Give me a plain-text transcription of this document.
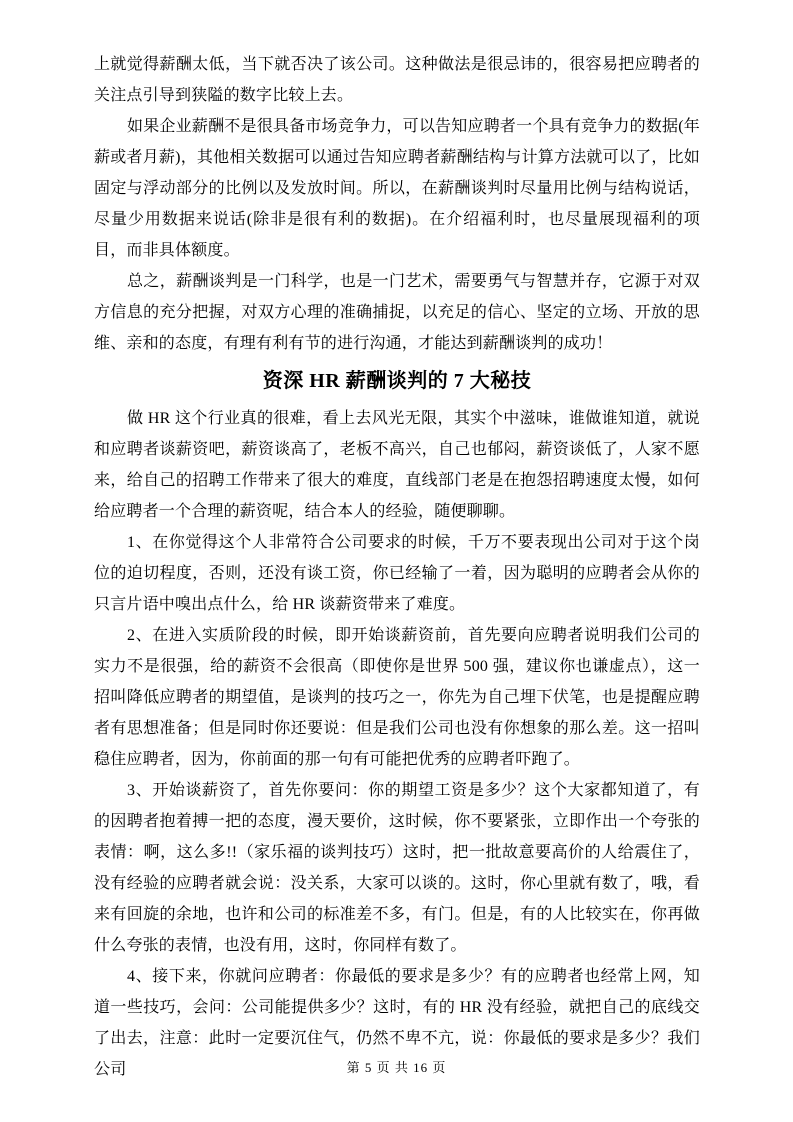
上就觉得薪酬太低，当下就否决了该公司。这种做法是很忌讳的，很容易把应聘者的关注点引导到狭隘的数字比较上去。

如果企业薪酬不是很具备市场竞争力，可以告知应聘者一个具有竞争力的数据(年薪或者月薪)，其他相关数据可以通过告知应聘者薪酬结构与计算方法就可以了，比如固定与浮动部分的比例以及发放时间。所以，在薪酬谈判时尽量用比例与结构说话，尽量少用数据来说话(除非是很有利的数据)。在介绍福利时，也尽量展现福利的项目，而非具体额度。

总之，薪酬谈判是一门科学，也是一门艺术，需要勇气与智慧并存，它源于对双方信息的充分把握，对双方心理的准确捕捉，以充足的信心、坚定的立场、开放的思维、亲和的态度，有理有利有节的进行沟通，才能达到薪酬谈判的成功！

资深 HR 薪酬谈判的 7 大秘技

做 HR 这个行业真的很难，看上去风光无限，其实个中滋味，谁做谁知道，就说和应聘者谈薪资吧，薪资谈高了，老板不高兴，自己也郁闷，薪资谈低了，人家不愿来，给自己的招聘工作带来了很大的难度，直线部门老是在抱怨招聘速度太慢，如何给应聘者一个合理的薪资呢，结合本人的经验，随便聊聊。

1、在你觉得这个人非常符合公司要求的时候，千万不要表现出公司对于这个岗位的迫切程度，否则，还没有谈工资，你已经输了一着，因为聪明的应聘者会从你的只言片语中嗅出点什么，给 HR 谈薪资带来了难度。

2、在进入实质阶段的时候，即开始谈薪资前，首先要向应聘者说明我们公司的实力不是很强，给的薪资不会很高（即使你是世界 500 强，建议你也谦虚点），这一招叫降低应聘者的期望值，是谈判的技巧之一，你先为自己埋下伏笔，也是提醒应聘者有思想准备；但是同时你还要说：但是我们公司也没有你想象的那么差。这一招叫稳住应聘者，因为，你前面的那一句有可能把优秀的应聘者吓跑了。

3、开始谈薪资了，首先你要问：你的期望工资是多少？这个大家都知道了，有的因聘者抱着搏一把的态度，漫天要价，这时候，你不要紧张，立即作出一个夸张的表情：啊，这么多!!（家乐福的谈判技巧）这时，把一批故意要高价的人给震住了，没有经验的应聘者就会说：没关系，大家可以谈的。这时，你心里就有数了，哦，看来有回旋的余地，也许和公司的标准差不多，有门。但是，有的人比较实在，你再做什么夸张的表情，也没有用，这时，你同样有数了。

4、接下来，你就问应聘者：你最低的要求是多少？有的应聘者也经常上网，知道一些技巧，会问：公司能提供多少？这时，有的 HR 没有经验，就把自己的底线交了出去，注意：此时一定要沉住气，仍然不卑不亢，说：你最低的要求是多少？我们公司	第 5 页 共 16 页
